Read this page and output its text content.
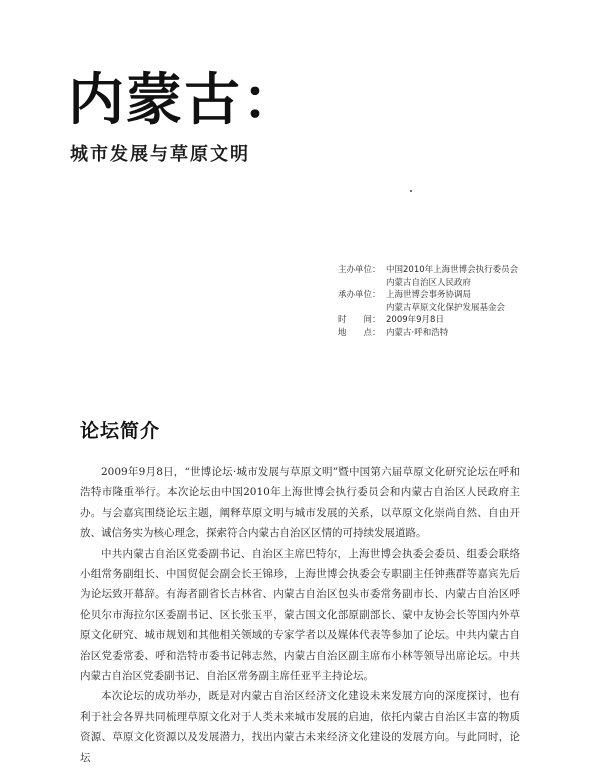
内蒙古：
城市发展与草原文明
主办单位： 中国2010年上海世博会执行委员会
内蒙古自治区人民政府
承办单位： 上海世博会事务协调局
内蒙古草原文化保护发展基金会
时　　间： 2009年9月8日
地　　点： 内蒙古·呼和浩特
论坛简介

2009年9月8日，“世博论坛·城市发展与草原文明”暨中国第六届草原文化研究论坛在呼和浩特市隆重举行。本次论坛由中国2010年上海世博会执行委员会和内蒙古自治区人民政府主办。与会嘉宾围绕论坛主题，阐释草原文明与城市发展的关系，以草原文化崇尚自然、自由开放、诚信务实为核心理念，探索符合内蒙古自治区区情的可持续发展道路。

中共内蒙古自治区党委副书记、自治区主席巴特尔，上海世博会执委会委员、组委会联络小组常务副组长、中国贸促会副会长王锦珍，上海世博会执委会专职副主任钟燕群等嘉宾先后为论坛致开幕辞。有海者副省长吉林省、内蒙古自治区包头市委常务副市长、内蒙古自治区呼伦贝尔市海拉尔区委副书记、区长张玉平，蒙古国文化部原副部长、蒙中友协会长等国内外草原文化研究、城市规划和其他相关领域的专家学者以及媒体代表等参加了论坛。中共内蒙古自治区党委常委、呼和浩特市委书记韩志然，内蒙古自治区副主席布小林等领导出席论坛。中共内蒙古自治区党委副书记、自治区常务副主席任亚平主持论坛。

本次论坛的成功举办，既是对内蒙古自治区经济文化建设未来发展方向的深度探讨，也有利于社会各界共同梳理草原文化对于人类未来城市发展的启迪，依托内蒙古自治区丰富的物质资源、草原文化资源以及发展潜力，找出内蒙古未来经济文化建设的发展方向。与此同时，论坛
